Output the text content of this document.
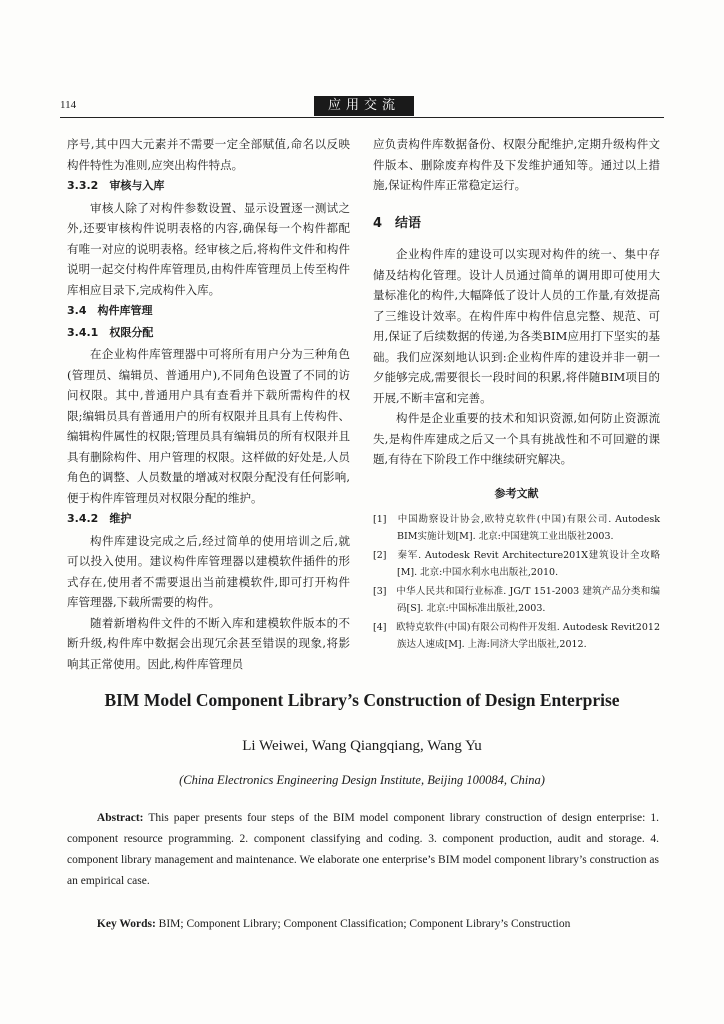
114	应用交流

序号,其中四大元素并不需要一定全部赋值,命名以反映构件特性为准则,应突出构件特点。

3.3.2　审核与入库

审核人除了对构件参数设置、显示设置逐一测试之外,还要审核构件说明表格的内容,确保每一个构件都配有唯一对应的说明表格。经审核之后,将构件文件和构件说明一起交付构件库管理员,由构件库管理员上传至构件库相应目录下,完成构件入库。

3.4　构件库管理

3.4.1　权限分配

在企业构件库管理器中可将所有用户分为三种角色(管理员、编辑员、普通用户),不同角色设置了不同的访问权限。其中,普通用户具有查看并下载所需构件的权限;编辑员具有普通用户的所有权限并且具有上传构件、编辑构件属性的权限;管理员具有编辑员的所有权限并且具有删除构件、用户管理的权限。这样做的好处是,人员角色的调整、人员数量的增减对权限分配没有任何影响,便于构件库管理员对权限分配的维护。

3.4.2　维护

构件库建设完成之后,经过简单的使用培训之后,就可以投入使用。建议构件库管理器以建模软件插件的形式存在,使用者不需要退出当前建模软件,即可打开构件库管理器,下载所需要的构件。

随着新增构件文件的不断入库和建模软件版本的不断升级,构件库中数据会出现冗余甚至错误的现象,将影响其正常使用。因此,构件库管理员

应负责构件库数据备份、权限分配维护,定期升级构件文件版本、删除废弃构件及下发维护通知等。通过以上措施,保证构件库正常稳定运行。

4　结语

企业构件库的建设可以实现对构件的统一、集中存储及结构化管理。设计人员通过简单的调用即可使用大量标准化的构件,大幅降低了设计人员的工作量,有效提高了三维设计效率。在构件库中构件信息完整、规范、可用,保证了后续数据的传递,为各类BIM应用打下坚实的基础。我们应深刻地认识到:企业构件库的建设并非一朝一夕能够完成,需要很长一段时间的积累,将伴随BIM项目的开展,不断丰富和完善。

构件是企业重要的技术和知识资源,如何防止资源流失,是构件库建成之后又一个具有挑战性和不可回避的课题,有待在下阶段工作中继续研究解决。

参考文献

[1]　中国勘察设计协会,欧特克软件(中国)有限公司. Autodesk BIM实施计划[M]. 北京:中国建筑工业出版社2003.

[2]　秦军. Autodesk Revit Architecture201X建筑设计全攻略[M]. 北京:中国水利水电出版社,2010.

[3]　中华人民共和国行业标准. JG/T 151-2003 建筑产品分类和编码[S]. 北京:中国标准出版社,2003.

[4]　欧特克软件(中国)有限公司构件开发组. Autodesk Revit2012族达人速成[M]. 上海:同济大学出版社,2012.

BIM Model Component Library’s Construction of Design Enterprise
Li Weiwei, Wang Qiangqiang, Wang Yu
(China Electronics Engineering Design Institute, Beijing 100084, China)

Abstract: This paper presents four steps of the BIM model component library construction of design enterprise: 1. component resource programming. 2. component classifying and coding. 3. component production, audit and storage. 4. component library management and maintenance. We elaborate one enterprise’s BIM model component library’s construction as an empirical case.

Key Words: BIM; Component Library; Component Classification; Component Library’s Construction
